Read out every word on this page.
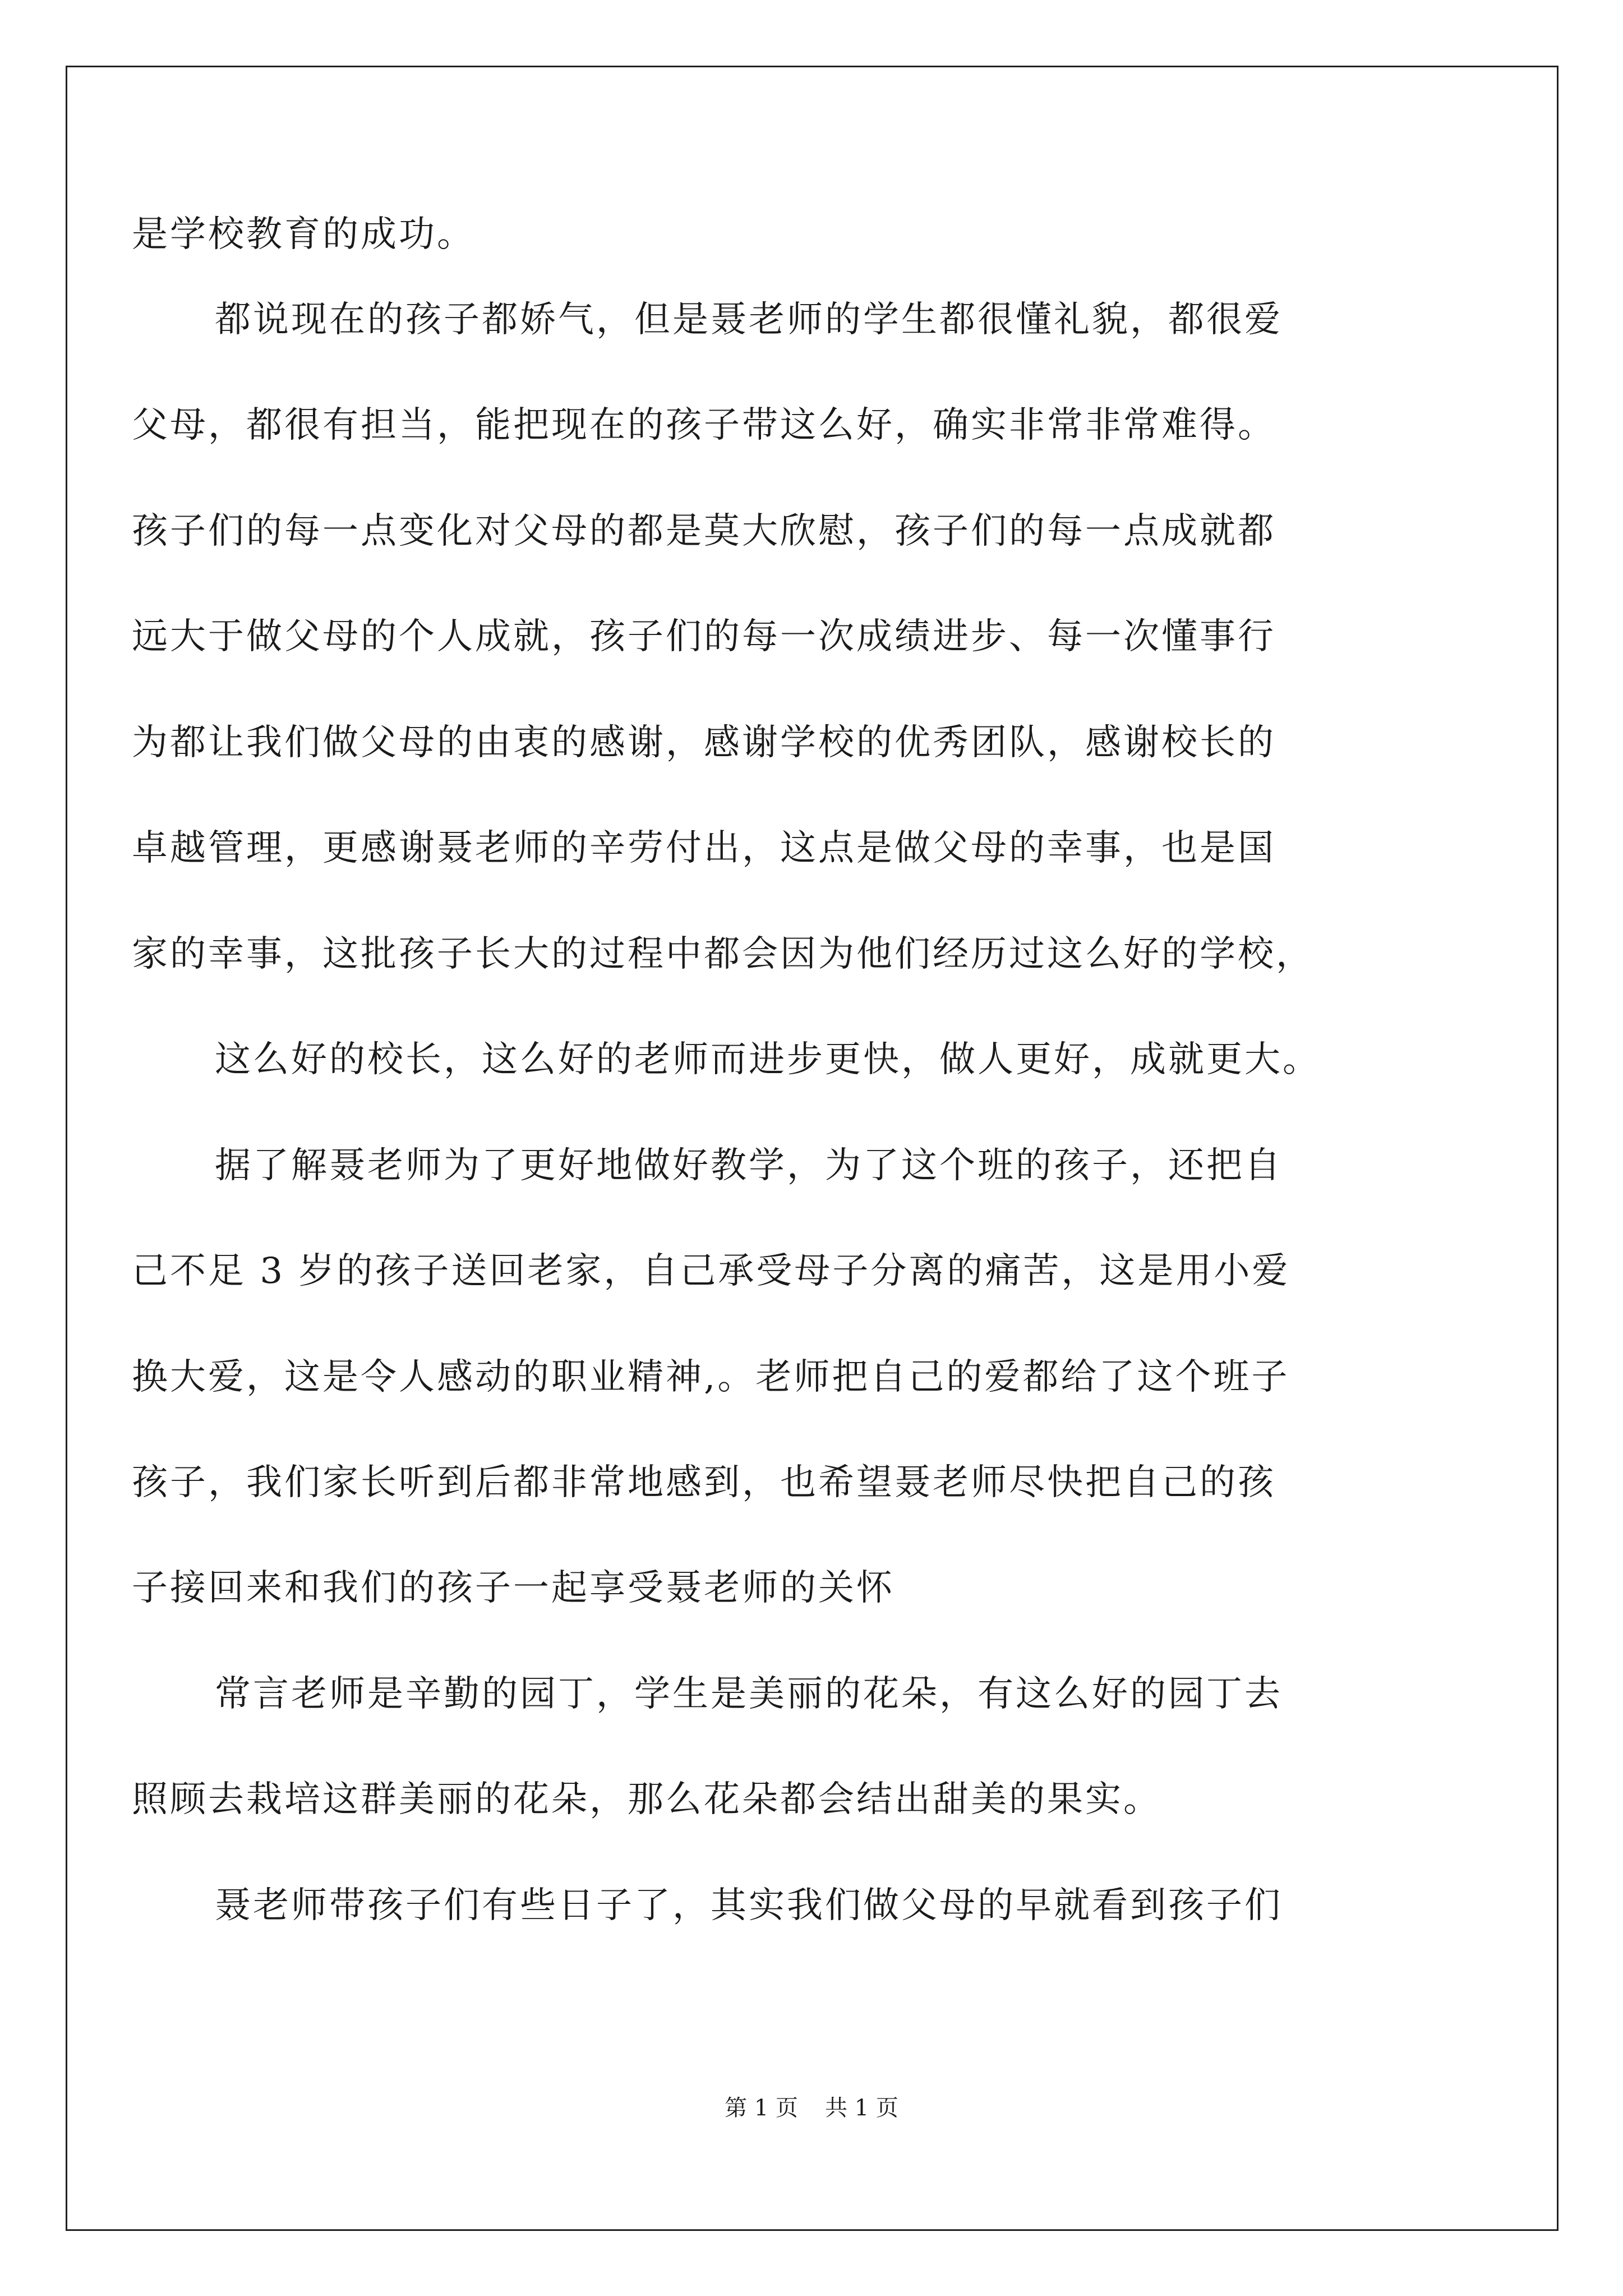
是学校教育的成功。
都说现在的孩子都娇气，但是聂老师的学生都很懂礼貌，都很爱
父母，都很有担当，能把现在的孩子带这么好，确实非常非常难得。
孩子们的每一点变化对父母的都是莫大欣慰，孩子们的每一点成就都
远大于做父母的个人成就，孩子们的每一次成绩进步、每一次懂事行
为都让我们做父母的由衷的感谢，感谢学校的优秀团队，感谢校长的
卓越管理，更感谢聂老师的辛劳付出，这点是做父母的幸事，也是国
家的幸事，这批孩子长大的过程中都会因为他们经历过这么好的学校，
这么好的校长，这么好的老师而进步更快，做人更好，成就更大。
据了解聂老师为了更好地做好教学，为了这个班的孩子，还把自
己不足 3 岁的孩子送回老家，自己承受母子分离的痛苦，这是用小爱
换大爱，这是令人感动的职业精神,。老师把自己的爱都给了这个班子
孩子，我们家长听到后都非常地感到，也希望聂老师尽快把自己的孩
子接回来和我们的孩子一起享受聂老师的关怀
常言老师是辛勤的园丁，学生是美丽的花朵，有这么好的园丁去
照顾去栽培这群美丽的花朵，那么花朵都会结出甜美的果实。
聂老师带孩子们有些日子了，其实我们做父母的早就看到孩子们
第 1 页 共 1 页
